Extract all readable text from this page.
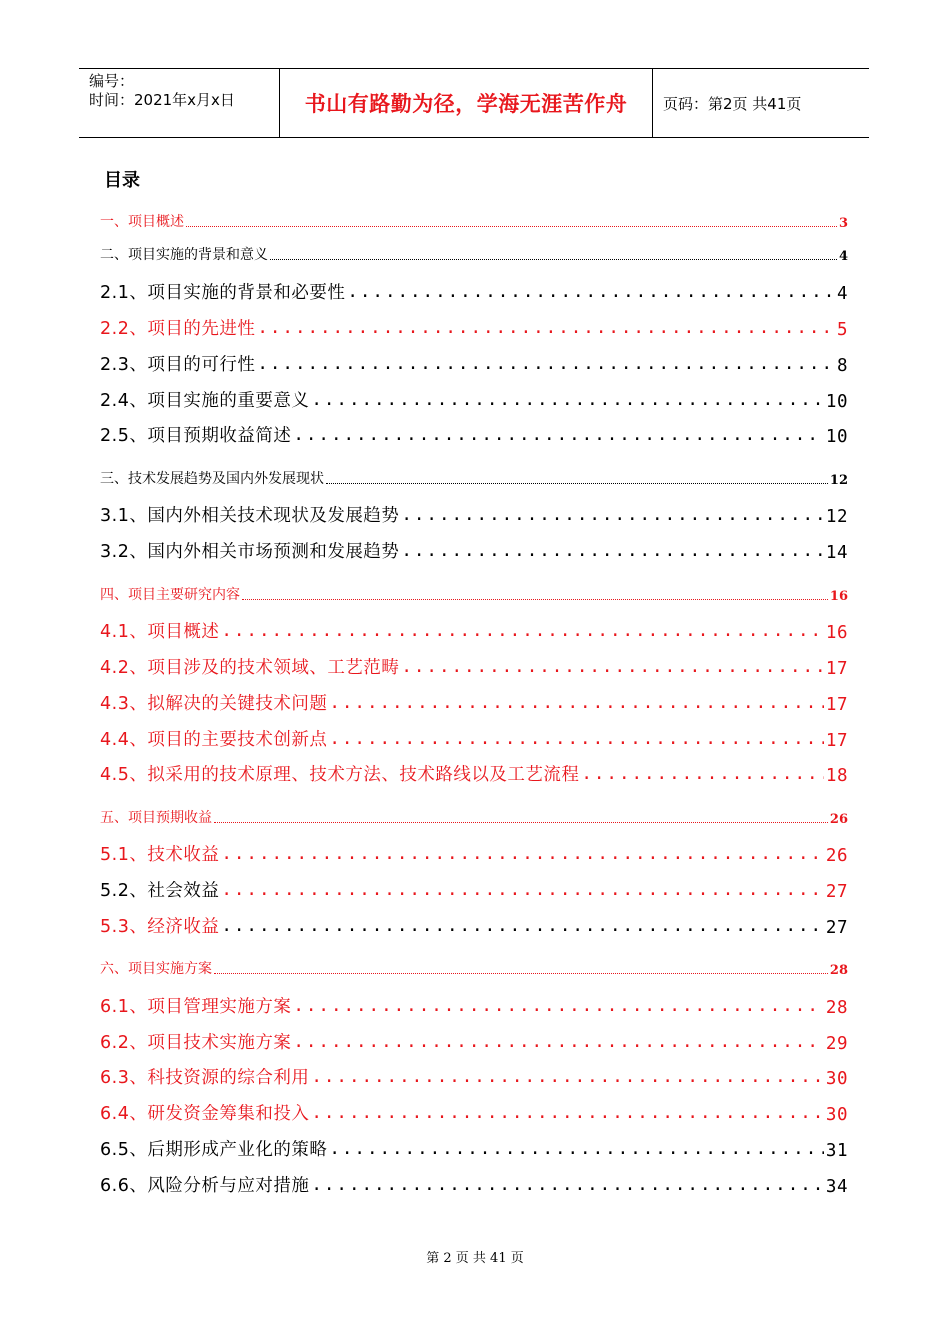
编号：
时间：2021年x月x日	书山有路勤为径，学海无涯苦作舟	页码：第2页 共41页
目录
一、项目概述	3
二、项目实施的背景和意义	4
2.1、项目实施的背景和必要性 .....	4
2.2、项目的先进性 .....	5
2.3、项目的可行性 .....	8
2.4、项目实施的重要意义 .....	10
2.5、项目预期收益简述 .....	10
三、技术发展趋势及国内外发展现状	12
3.1、国内外相关技术现状及发展趋势 .....	12
3.2、国内外相关市场预测和发展趋势 .....	14
四、项目主要研究内容	16
4.1、项目概述 .....	16
4.2、项目涉及的技术领域、工艺范畴 .....	17
4.3、拟解决的关键技术问题 .....	17
4.4、项目的主要技术创新点 .....	17
4.5、拟采用的技术原理、技术方法、技术路线以及工艺流程 .....	18
五、项目预期收益	26
5.1、技术收益 .....	26
5.2、社会效益 .....	27
5.3、经济收益 .....	27
六、项目实施方案	28
6.1、项目管理实施方案 .....	28
6.2、项目技术实施方案 .....	29
6.3、科技资源的综合利用 .....	30
6.4、研发资金筹集和投入 .....	30
6.5、后期形成产业化的策略 .....	31
6.6、风险分析与应对措施 .....	34
第 2 页 共 41 页
